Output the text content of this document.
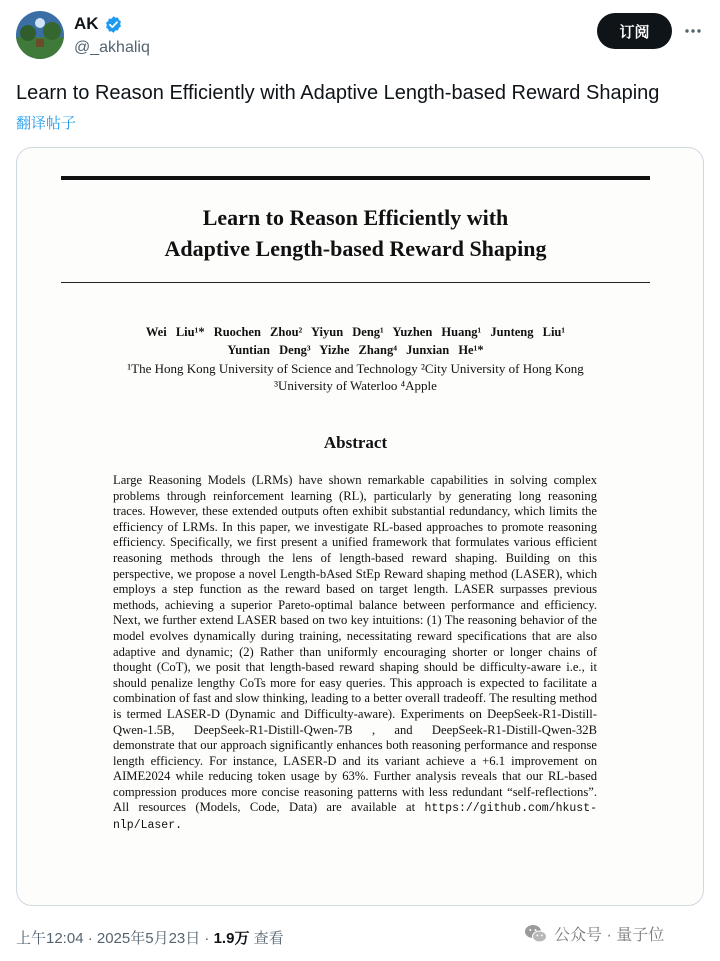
AK
@_akhaliq
订阅
Learn to Reason Efficiently with Adaptive Length-based Reward Shaping
翻译帖子
Learn to Reason Efficiently with
Adaptive Length-based Reward Shaping
Wei Liu¹* Ruochen Zhou² Yiyun Deng¹ Yuzhen Huang¹ Junteng Liu¹
Yuntian Deng³ Yizhe Zhang⁴ Junxian He¹*
¹The Hong Kong University of Science and Technology ²City University of Hong Kong
³University of Waterloo ⁴Apple
Abstract
Large Reasoning Models (LRMs) have shown remarkable capabilities in solving complex problems through reinforcement learning (RL), particularly by generating long reasoning traces. However, these extended outputs often exhibit substantial redundancy, which limits the efficiency of LRMs. In this paper, we investigate RL-based approaches to promote reasoning efficiency. Specifically, we first present a unified framework that formulates various efficient reasoning methods through the lens of length-based reward shaping. Building on this perspective, we propose a novel Length-bAsed StEp Reward shaping method (LASER), which employs a step function as the reward based on target length. LASER surpasses previous methods, achieving a superior Pareto-optimal balance between performance and efficiency. Next, we further extend LASER based on two key intuitions: (1) The reasoning behavior of the model evolves dynamically during training, necessitating reward specifications that are also adaptive and dynamic; (2) Rather than uniformly encouraging shorter or longer chains of thought (CoT), we posit that length-based reward shaping should be difficulty-aware i.e., it should penalize lengthy CoTs more for easy queries. This approach is expected to facilitate a combination of fast and slow thinking, leading to a better overall tradeoff. The resulting method is termed LASER-D (Dynamic and Difficulty-aware). Experiments on DeepSeek-R1-Distill-Qwen-1.5B, DeepSeek-R1-Distill-Qwen-7B , and DeepSeek-R1-Distill-Qwen-32B demonstrate that our approach significantly enhances both reasoning performance and response length efficiency. For instance, LASER-D and its variant achieve a +6.1 improvement on AIME2024 while reducing token usage by 63%. Further analysis reveals that our RL-based compression produces more concise reasoning patterns with less redundant “self-reflections”. All resources (Models, Code, Data) are available at https://github.com/hkust-nlp/Laser.
上午12:04 · 2025年5月23日 · 1.9万 查看	公众号 · 量子位
